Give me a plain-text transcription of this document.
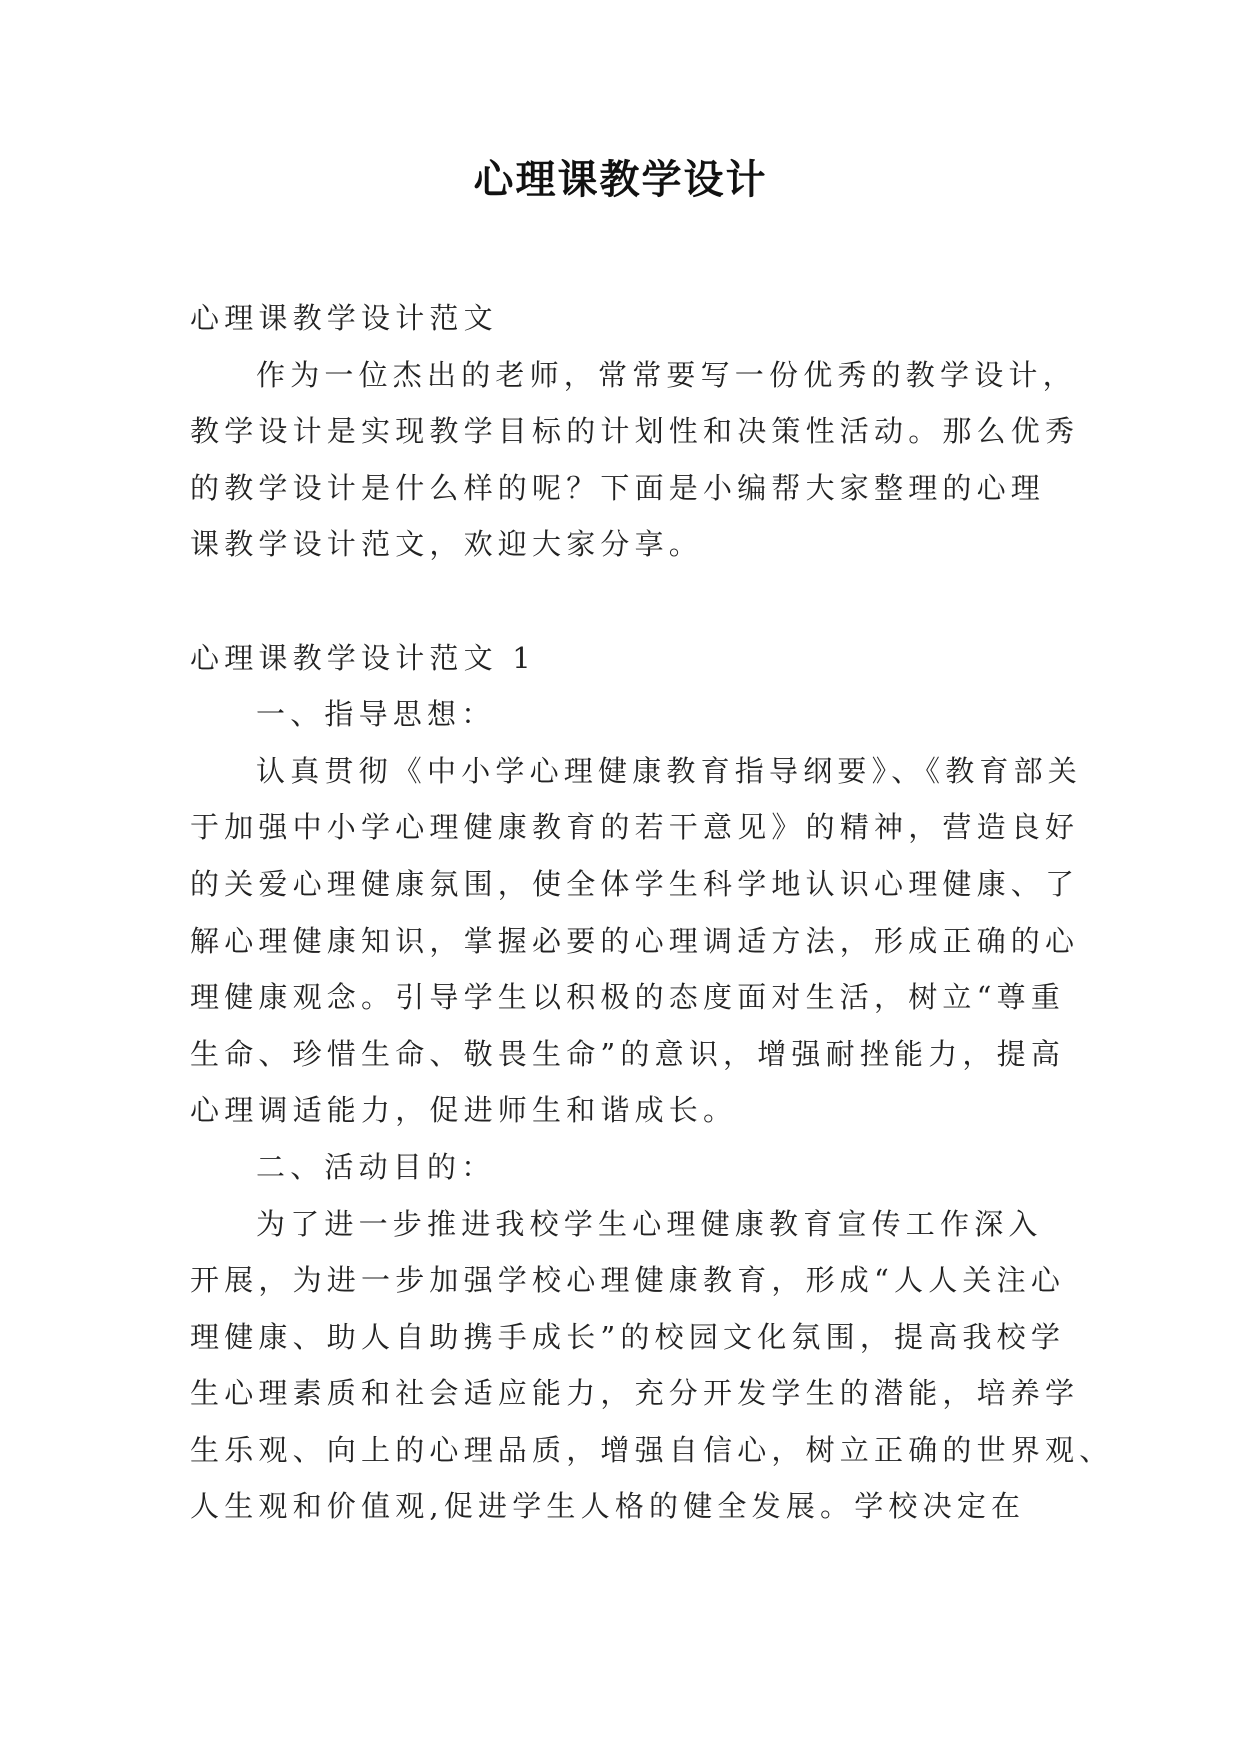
心理课教学设计
心理课教学设计范文
作为一位杰出的老师，常常要写一份优秀的教学设计，
教学设计是实现教学目标的计划性和决策性活动。那么优秀
的教学设计是什么样的呢？下面是小编帮大家整理的心理
课教学设计范文，欢迎大家分享。
心理课教学设计范文 1
一、指导思想：
认真贯彻《中小学心理健康教育指导纲要》、《教育部关
于加强中小学心理健康教育的若干意见》的精神，营造良好
的关爱心理健康氛围，使全体学生科学地认识心理健康、了
解心理健康知识，掌握必要的心理调适方法，形成正确的心
理健康观念。引导学生以积极的态度面对生活，树立“尊重
生命、珍惜生命、敬畏生命”的意识，增强耐挫能力，提高
心理调适能力，促进师生和谐成长。
二、活动目的：
为了进一步推进我校学生心理健康教育宣传工作深入
开展，为进一步加强学校心理健康教育，形成“人人关注心
理健康、助人自助携手成长”的校园文化氛围，提高我校学
生心理素质和社会适应能力，充分开发学生的潜能，培养学
生乐观、向上的心理品质，增强自信心，树立正确的世界观、
人生观和价值观,促进学生人格的健全发展。学校决定在
